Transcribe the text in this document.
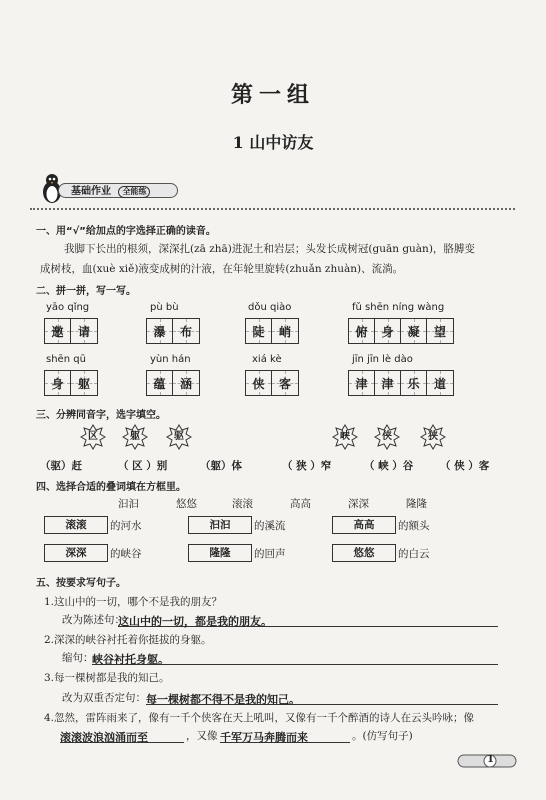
第一组
1 山中访友
基础作业 全能练
一、用“√”给加点的字选择正确的读音。
我脚下长出的根须，深深扎(zā zhā)进泥土和岩层；头发长成树冠(guān guàn)，胳膊变
成树枝，血(xuè xiě)液变成树的汁液，在年轮里旋转(zhuǎn zhuàn)、流淌。
二、拼一拼，写一写。
yāo qǐng
邀 请
pù bù
瀑 布
dǒu qiào
陡 峭
fǔ shēn níng wàng
俯 身 凝 望
shēn qū
身 躯
yùn hán
蕴 涵
xiá kè
侠 客
jīn jīn lè dào
津 津 乐 道
三、分辨同音字，选字填空。
区	躯	驱	峡	侠	狭
（驱）赶	（ 区 ）别	（躯）体	（ 狭 ）窄	（ 峡 ）谷	（ 侠 ）客
四、选择合适的叠词填在方框里。
汩汩	悠悠	滚滚	高高	深深	隆隆
滚滚	的河水	汩汩	的溪流	高高	的额头
深深	的峡谷	隆隆	的回声	悠悠	的白云
五、按要求写句子。
1.这山中的一切，哪个不是我的朋友？
改为陈述句：
这山中的一切，都是我的朋友。
2.深深的峡谷衬托着你挺拔的身躯。
缩句：
峡谷衬托身躯。
3.每一棵树都是我的知己。
改为双重否定句： 每一棵树都不得不是我的知己。
4.忽然，雷阵雨来了，像有一千个侠客在天上吼叫，又像有一千个醉酒的诗人在云头吟咏；像
滚滚波浪汹涌而至	，又像 千军万马奔腾而来	。(仿写句子)
1
